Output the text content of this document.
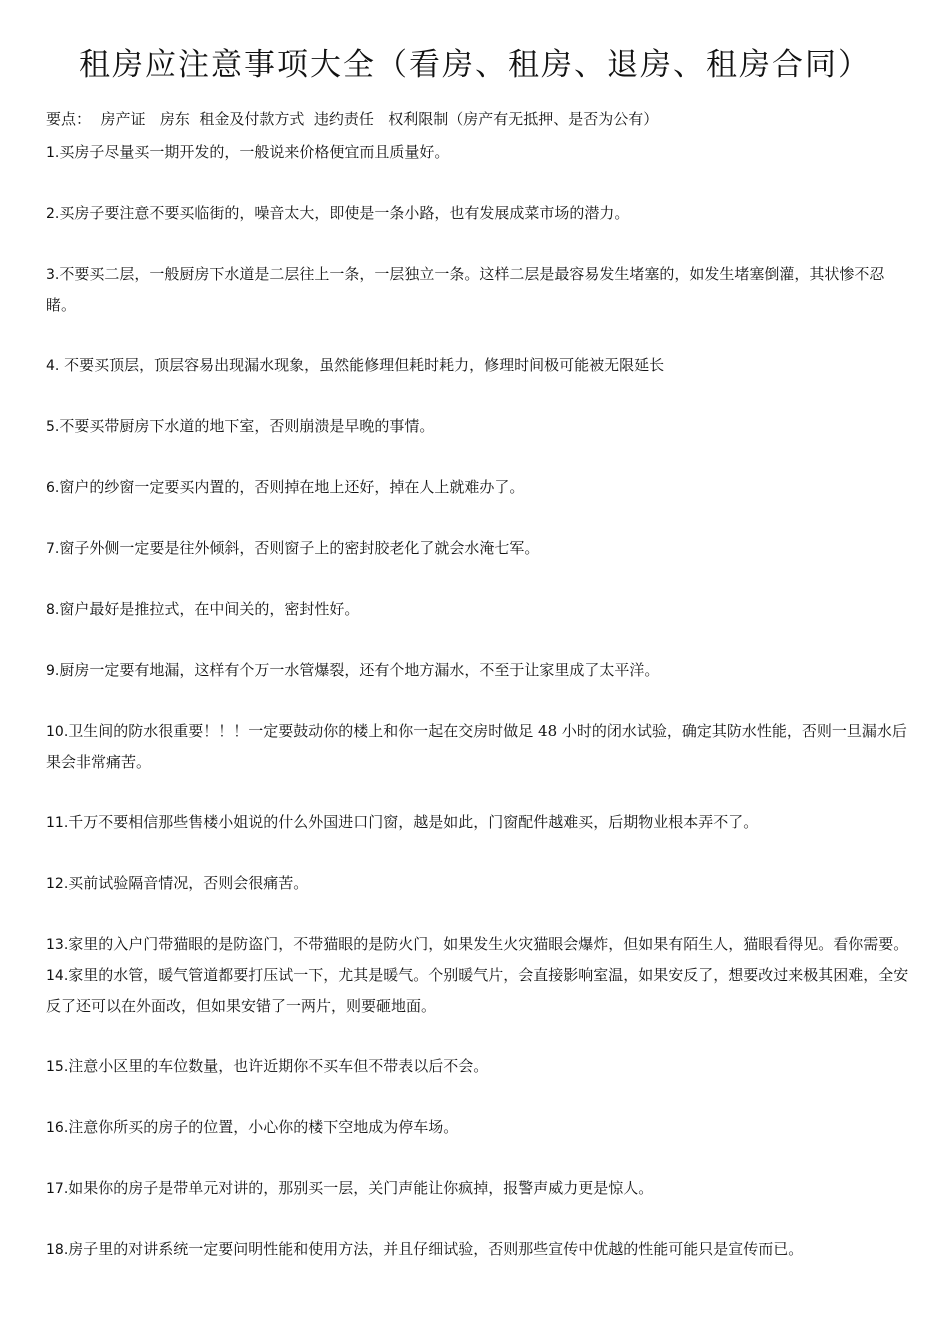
租房应注意事项大全（看房、租房、退房、租房合同）
要点：  房产证   房东  租金及付款方式  违约责任   权利限制（房产有无抵押、是否为公有）

1.买房子尽量买一期开发的，一般说来价格便宜而且质量好。

2.买房子要注意不要买临街的，噪音太大，即使是一条小路，也有发展成菜市场的潜力。

3.不要买二层，一般厨房下水道是二层往上一条，一层独立一条。这样二层是最容易发生堵塞的，如发生堵塞倒灌，其状惨不忍睹。

4. 不要买顶层，顶层容易出现漏水现象，虽然能修理但耗时耗力，修理时间极可能被无限延长

5.不要买带厨房下水道的地下室，否则崩溃是早晚的事情。

6.窗户的纱窗一定要买内置的，否则掉在地上还好，掉在人上就难办了。

7.窗子外侧一定要是往外倾斜，否则窗子上的密封胶老化了就会水淹七军。

8.窗户最好是推拉式，在中间关的，密封性好。

9.厨房一定要有地漏，这样有个万一水管爆裂，还有个地方漏水，不至于让家里成了太平洋。

10.卫生间的防水很重要！！！一定要鼓动你的楼上和你一起在交房时做足 48 小时的闭水试验，确定其防水性能，否则一旦漏水后果会非常痛苦。

11.千万不要相信那些售楼小姐说的什么外国进口门窗，越是如此，门窗配件越难买，后期物业根本弄不了。

12.买前试验隔音情况，否则会很痛苦。

13.家里的入户门带猫眼的是防盗门，不带猫眼的是防火门，如果发生火灾猫眼会爆炸，但如果有陌生人，猫眼看得见。看你需要。

14.家里的水管，暖气管道都要打压试一下，尤其是暖气。个别暖气片，会直接影响室温，如果安反了，想要改过来极其困难，全安反了还可以在外面改，但如果安错了一两片，则要砸地面。

15.注意小区里的车位数量，也许近期你不买车但不带表以后不会。

16.注意你所买的房子的位置，小心你的楼下空地成为停车场。

17.如果你的房子是带单元对讲的，那别买一层，关门声能让你疯掉，报警声威力更是惊人。

18.房子里的对讲系统一定要问明性能和使用方法，并且仔细试验，否则那些宣传中优越的性能可能只是宣传而已。
